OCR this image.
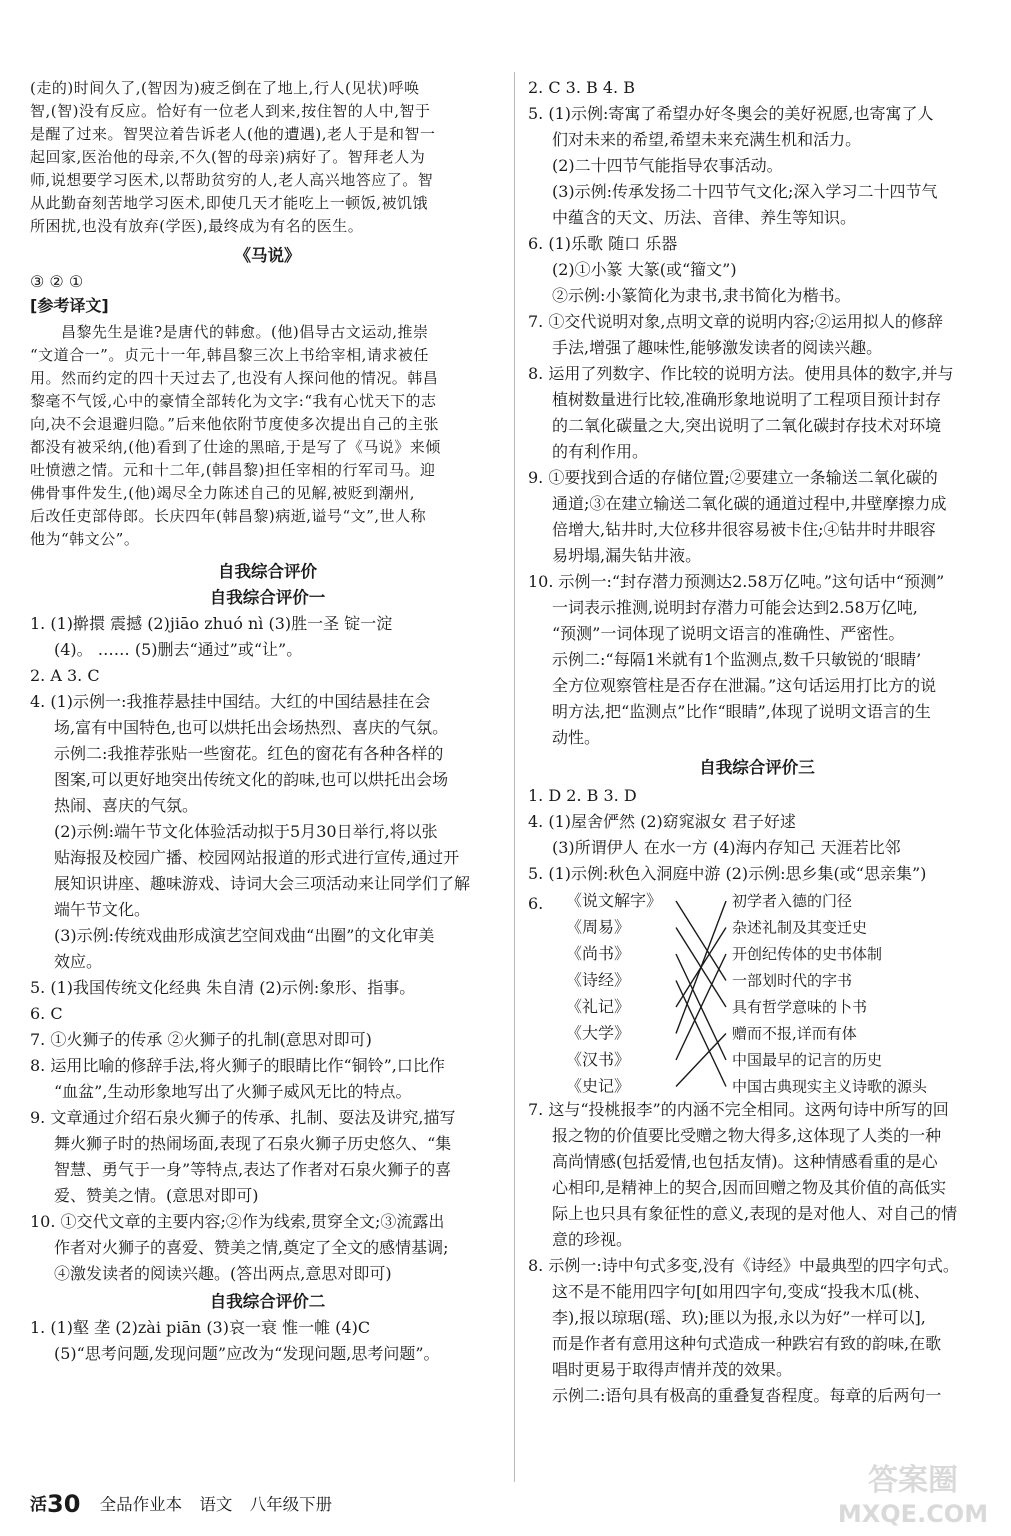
(走的)时间久了,(智因为)疲乏倒在了地上,行人(见状)呼唤
智,(智)没有反应。恰好有一位老人到来,按住智的人中,智于
是醒了过来。智哭泣着告诉老人(他的遭遇),老人于是和智一
起回家,医治他的母亲,不久(智的母亲)病好了。智拜老人为
师,说想要学习医术,以帮助贫穷的人,老人高兴地答应了。智
从此勤奋刻苦地学习医术,即使几天才能吃上一顿饭,被饥饿
所困扰,也没有放弃(学医),最终成为有名的医生。
《马说》
③ ② ①
[参考译文]
　　昌黎先生是谁?是唐代的韩愈。(他)倡导古文运动,推崇
“文道合一”。贞元十一年,韩昌黎三次上书给宰相,请求被任
用。然而约定的四十天过去了,也没有人探问他的情况。韩昌
黎毫不气馁,心中的豪情全部转化为文字:“我有心忧天下的志
向,决不会退避归隐。”后来他依附节度使多次提出自己的主张
都没有被采纳,(他)看到了仕途的黑暗,于是写了《马说》来倾
吐愤懑之情。元和十二年,(韩昌黎)担任宰相的行军司马。迎
佛骨事件发生,(他)竭尽全力陈述自己的见解,被贬到潮州,
后改任吏部侍郎。长庆四年(韩昌黎)病逝,谥号“文”,世人称
他为“韩文公”。
自我综合评价
自我综合评价一
1. (1)擀擐 震撼 (2)jiāo zhuó nì (3)胜一圣 锭一淀
(4)。 …… (5)删去“通过”或“让”。
2. A 3. C
4. (1)示例一:我推荐悬挂中国结。大红的中国结悬挂在会
场,富有中国特色,也可以烘托出会场热烈、喜庆的气氛。
示例二:我推荐张贴一些窗花。红色的窗花有各种各样的
图案,可以更好地突出传统文化的韵味,也可以烘托出会场
热闹、喜庆的气氛。
(2)示例:端午节文化体验活动拟于5月30日举行,将以张
贴海报及校园广播、校园网站报道的形式进行宣传,通过开
展知识讲座、趣味游戏、诗词大会三项活动来让同学们了解
端午节文化。
(3)示例:传统戏曲形成演艺空间戏曲“出圈”的文化审美
效应。
5. (1)我国传统文化经典 朱自清 (2)示例:象形、指事。
6. C
7. ①火狮子的传承 ②火狮子的扎制(意思对即可)
8. 运用比喻的修辞手法,将火狮子的眼睛比作“铜铃”,口比作
“血盆”,生动形象地写出了火狮子威风无比的特点。
9. 文章通过介绍石泉火狮子的传承、扎制、耍法及讲究,描写
舞火狮子时的热闹场面,表现了石泉火狮子历史悠久、“集
智慧、勇气于一身”等特点,表达了作者对石泉火狮子的喜
爱、赞美之情。(意思对即可)
10. ①交代文章的主要内容;②作为线索,贯穿全文;③流露出
作者对火狮子的喜爱、赞美之情,奠定了全文的感情基调;
④激发读者的阅读兴趣。(答出两点,意思对即可)
自我综合评价二
1. (1)壑 垄 (2)zài piān (3)哀一衰 惟一帷 (4)C
(5)“思考问题,发现问题”应改为“发现问题,思考问题”。
2. C 3. B 4. B
5. (1)示例:寄寓了希望办好冬奥会的美好祝愿,也寄寓了人
们对未来的希望,希望未来充满生机和活力。
(2)二十四节气能指导农事活动。
(3)示例:传承发扬二十四节气文化;深入学习二十四节气
中蕴含的天文、历法、音律、养生等知识。
6. (1)乐歌 随口 乐器
(2)①小篆 大篆(或“籀文”)
②示例:小篆简化为隶书,隶书简化为楷书。
7. ①交代说明对象,点明文章的说明内容;②运用拟人的修辞
手法,增强了趣味性,能够激发读者的阅读兴趣。
8. 运用了列数字、作比较的说明方法。使用具体的数字,并与
植树数量进行比较,准确形象地说明了工程项目预计封存
的二氧化碳量之大,突出说明了二氧化碳封存技术对环境
的有利作用。
9. ①要找到合适的存储位置;②要建立一条输送二氧化碳的
通道;③在建立输送二氧化碳的通道过程中,井壁摩擦力成
倍增大,钻井时,大位移井很容易被卡住;④钻井时井眼容
易坍塌,漏失钻井液。
10. 示例一:“封存潜力预测达2.58万亿吨。”这句话中“预测”
一词表示推测,说明封存潜力可能会达到2.58万亿吨,
“预测”一词体现了说明文语言的准确性、严密性。
示例二:“每隔1米就有1个监测点,数千只敏锐的‘眼睛’
全方位观察管柱是否存在泄漏。”这句话运用打比方的说
明方法,把“监测点”比作“眼睛”,体现了说明文语言的生
动性。
自我综合评价三
1. D 2. B 3. D
4. (1)屋舍俨然 (2)窈窕淑女 君子好逑
(3)所谓伊人 在水一方 (4)海内存知己 天涯若比邻
5. (1)示例:秋色入洞庭中游 (2)示例:思乡集(或“思亲集”)
6. 《说文解字》
《周易》
《尚书》
《诗经》
《礼记》
《大学》
《汉书》
《史记》
初学者入德的门径
杂述礼制及其变迁史
开创纪传体的史书体制
一部划时代的字书
具有哲学意味的卜书
赠而不报,详而有体
中国最早的记言的历史
中国古典现实主义诗歌的源头
7. 这与“投桃报李”的内涵不完全相同。这两句诗中所写的回
报之物的价值要比受赠之物大得多,这体现了人类的一种
高尚情感(包括爱情,也包括友情)。这种情感看重的是心
心相印,是精神上的契合,因而回赠之物及其价值的高低实
际上也只具有象征性的意义,表现的是对他人、对自己的情
意的珍视。
8. 示例一:诗中句式多变,没有《诗经》中最典型的四字句式。
这不是不能用四字句[如用四字句,变成“投我木瓜(桃、
李),报以琼琚(瑶、玖);匪以为报,永以为好”一样可以],
而是作者有意用这种句式造成一种跌宕有致的韵味,在歌
唱时更易于取得声情并茂的效果。
示例二:语句具有极高的重叠复沓程度。每章的后两句一
活30 全品作业本 语文 八年级下册
答案圈
MXQE.COM
